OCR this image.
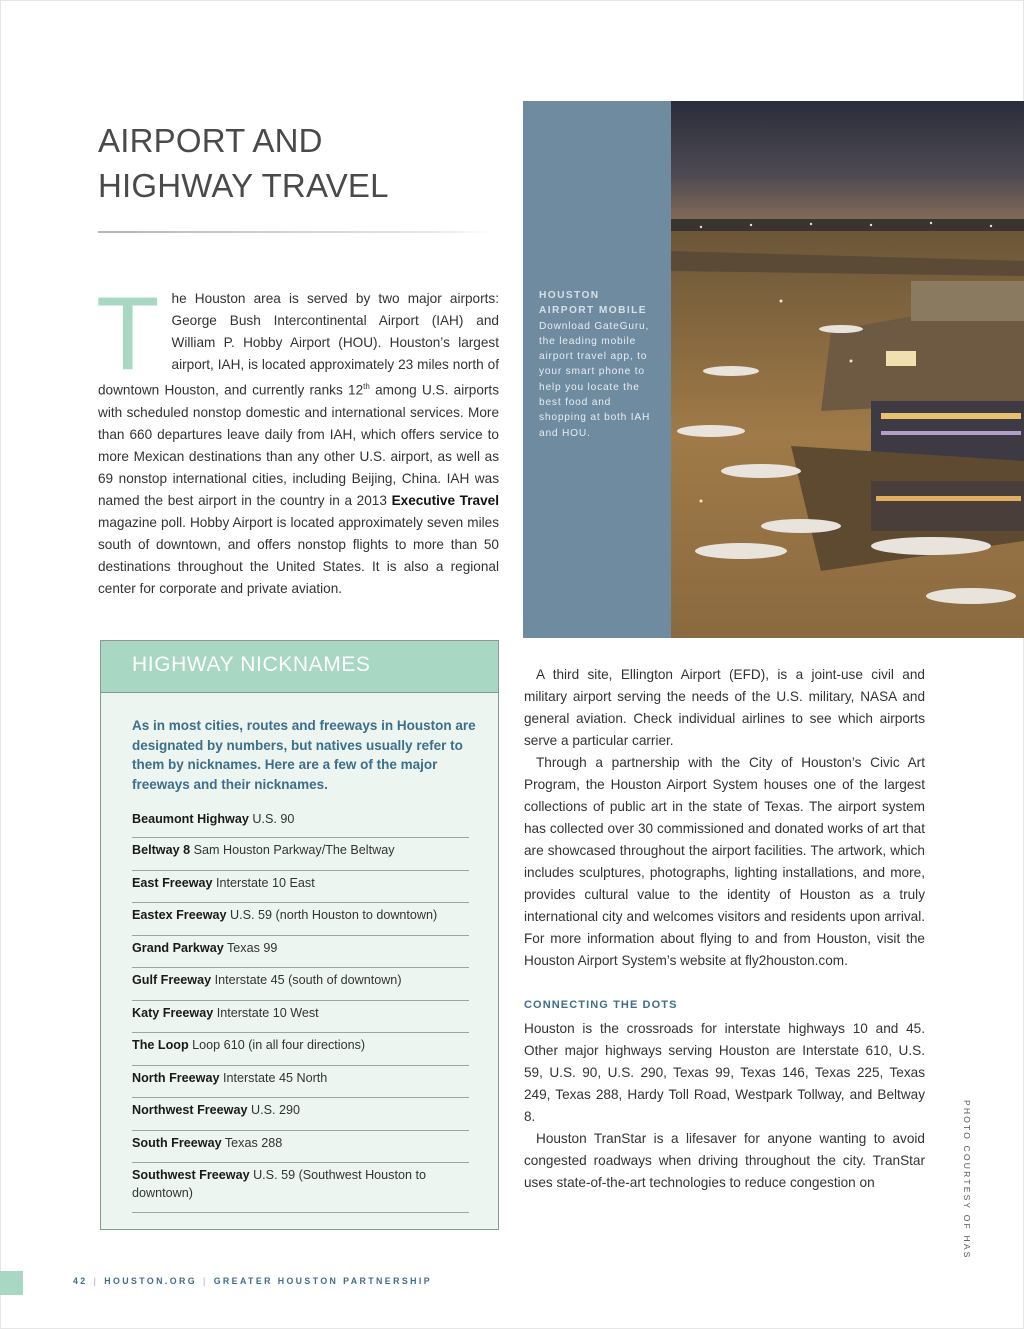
AIRPORT AND
HIGHWAY TRAVEL

The Houston area is served by two major airports: George Bush Intercontinental Airport (IAH) and William P. Hobby Airport (HOU). Houston’s largest airport, IAH, is located approximately 23 miles north of downtown Houston, and currently ranks 12th among U.S. airports with scheduled nonstop domestic and international services. More than 660 departures leave daily from IAH, which offers service to more Mexican destinations than any other U.S. airport, as well as 69 nonstop international cities, including Beijing, China. IAH was named the best airport in the country in a 2013 Executive Travel magazine poll. Hobby Airport is located approximately seven miles south of downtown, and offers nonstop flights to more than 50 destinations throughout the United States. It is also a regional center for corporate and private aviation.

HOUSTON
AIRPORT MOBILE
Download GateGuru, the leading mobile airport travel app, to your smart phone to help you locate the best food and shopping at both IAH and HOU.
HIGHWAY NICKNAMES

As in most cities, routes and freeways in Houston are designated by numbers, but natives usually refer to them by nicknames. Here are a few of the major freeways and their nicknames.

Beaumont Highway U.S. 90
Beltway 8 Sam Houston Parkway/The Beltway
East Freeway Interstate 10 East
Eastex Freeway U.S. 59 (north Houston to downtown)
Grand Parkway Texas 99
Gulf Freeway Interstate 45 (south of downtown)
Katy Freeway Interstate 10 West
The Loop Loop 610 (in all four directions)
North Freeway Interstate 45 North
Northwest Freeway U.S. 290
South Freeway Texas 288
Southwest Freeway U.S. 59 (Southwest Houston to downtown)

A third site, Ellington Airport (EFD), is a joint-use civil and military airport serving the needs of the U.S. military, NASA and general aviation. Check individual airlines to see which airports serve a particular carrier.

Through a partnership with the City of Houston’s Civic Art Program, the Houston Airport System houses one of the largest collections of public art in the state of Texas. The airport system has collected over 30 commissioned and donated works of art that are showcased throughout the airport facilities. The artwork, which includes sculptures, photographs, lighting installations, and more, provides cultural value to the identity of Houston as a truly international city and welcomes visitors and residents upon arrival. For more information about flying to and from Houston, visit the Houston Airport System’s website at fly2houston.com.

CONNECTING THE DOTS

Houston is the crossroads for interstate highways 10 and 45. Other major highways serving Houston are Interstate 610, U.S. 59, U.S. 90, U.S. 290, Texas 99, Texas 146, Texas 225, Texas 249, Texas 288, Hardy Toll Road, Westpark Tollway, and Beltway 8.

Houston TranStar is a lifesaver for anyone wanting to avoid congested roadways when driving throughout the city. TranStar uses state-of-the-art technologies to reduce congestion on	PHOTO COURTESY OF HAS
42 | HOUSTON.ORG | GREATER HOUSTON PARTNERSHIP
